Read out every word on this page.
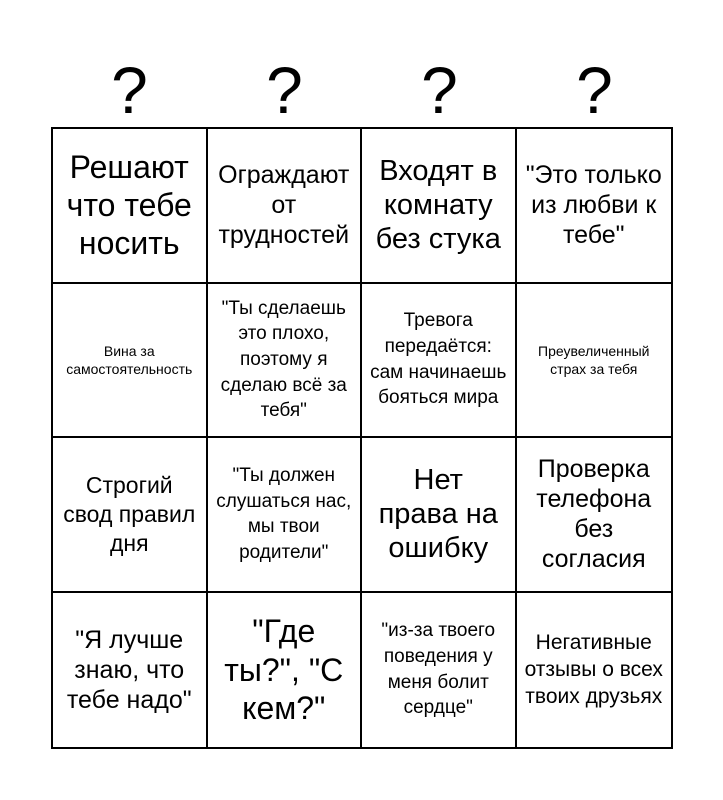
?	?	?	?
Решают что тебе носить
Ограждают от трудностей
Входят в комнату без стука
"Это только из любви к тебе"
Вина за самостоятельность
"Ты сделаешь это плохо, поэтому я сделаю всё за тебя"
Тревога передаётся: сам начинаешь бояться мира
Преувеличенный страх за тебя
Строгий свод правил дня
"Ты должен слушаться нас, мы твои родители"
Нет права на ошибку
Проверка телефона без согласия
"Я лучше знаю, что тебе надо"
"Где ты?", "С кем?"
"из-за твоего поведения у меня болит сердце"
Негативные отзывы о всех твоих друзьях
